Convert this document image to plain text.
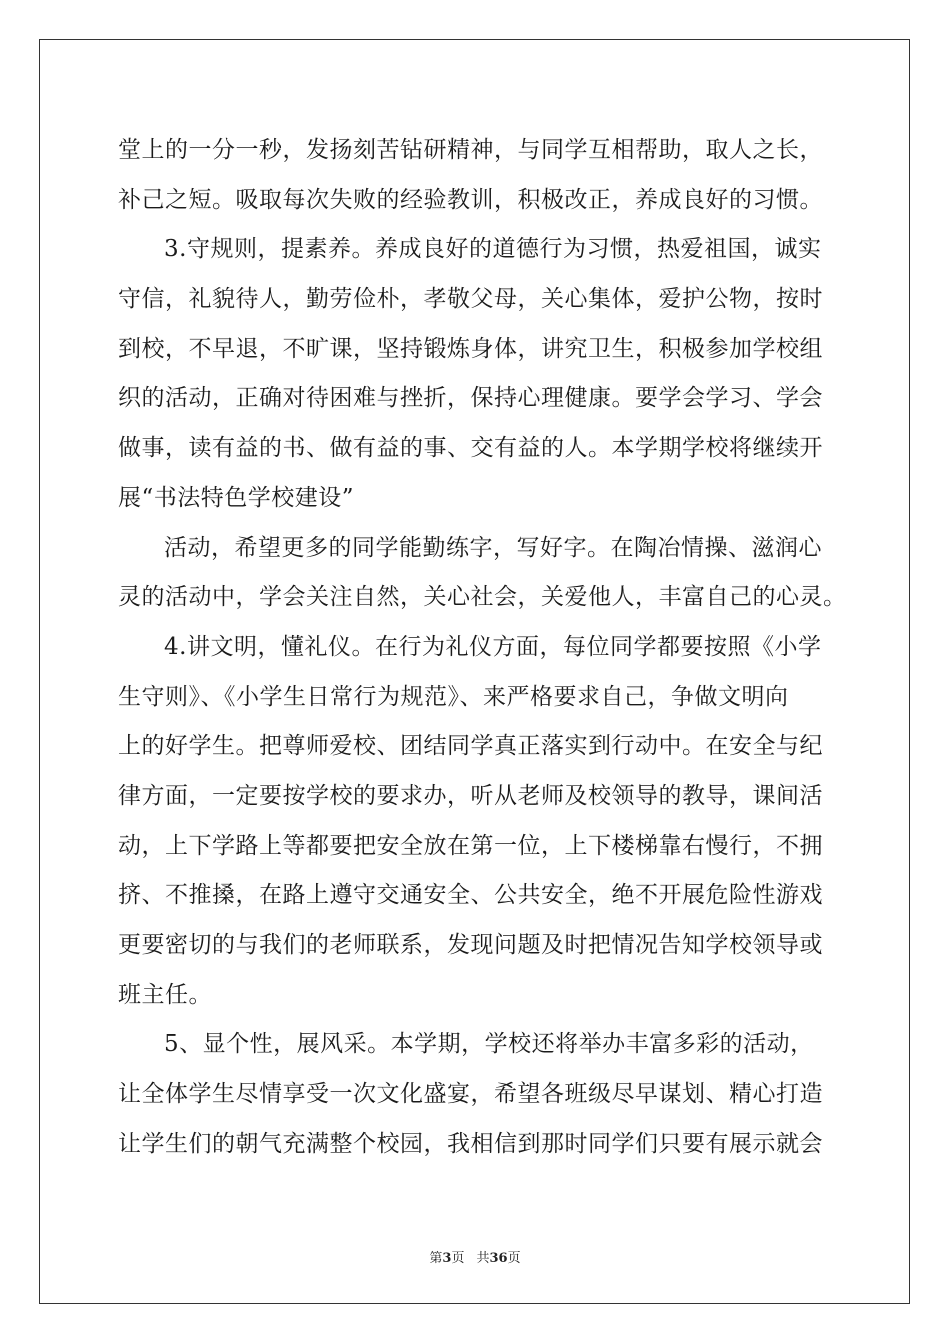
堂上的一分一秒，发扬刻苦钻研精神，与同学互相帮助，取人之长，
补己之短。吸取每次失败的经验教训，积极改正，养成良好的习惯。
3.守规则，提素养。养成良好的道德行为习惯，热爱祖国，诚实
守信，礼貌待人，勤劳俭朴，孝敬父母，关心集体，爱护公物，按时
到校，不早退，不旷课，坚持锻炼身体，讲究卫生，积极参加学校组
织的活动，正确对待困难与挫折，保持心理健康。要学会学习、学会
做事，读有益的书、做有益的事、交有益的人。本学期学校将继续开
展“书法特色学校建设”
活动，希望更多的同学能勤练字，写好字。在陶冶情操、滋润心
灵的活动中，学会关注自然，关心社会，关爱他人，丰富自己的心灵。
4.讲文明，懂礼仪。在行为礼仪方面，每位同学都要按照《小学
生守则》、《小学生日常行为规范》、来严格要求自己，争做文明向
上的好学生。把尊师爱校、团结同学真正落实到行动中。在安全与纪
律方面，一定要按学校的要求办，听从老师及校领导的教导，课间活
动，上下学路上等都要把安全放在第一位，上下楼梯靠右慢行，不拥
挤、不推搡，在路上遵守交通安全、公共安全，绝不开展危险性游戏
更要密切的与我们的老师联系，发现问题及时把情况告知学校领导或
班主任。
5、显个性，展风采。本学期，学校还将举办丰富多彩的活动，
让全体学生尽情享受一次文化盛宴，希望各班级尽早谋划、精心打造
让学生们的朝气充满整个校园，我相信到那时同学们只要有展示就会
第3页 共36页
